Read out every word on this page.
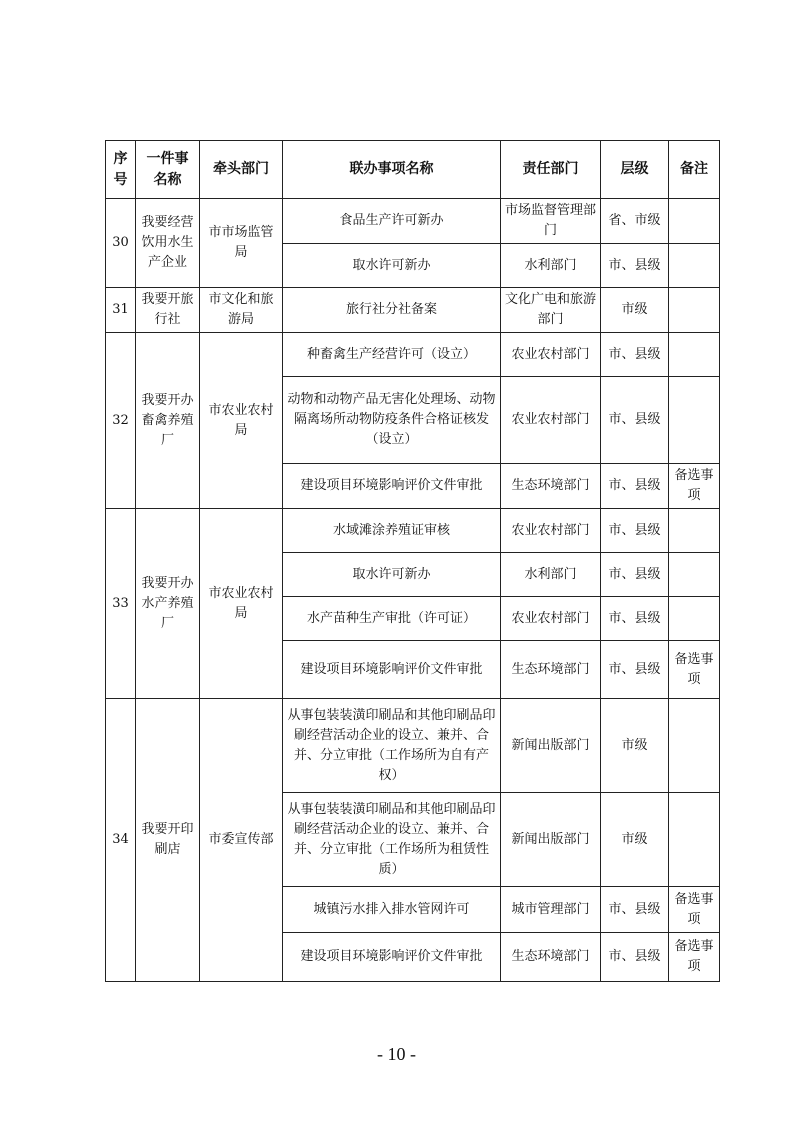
序号	一件事名称	牵头部门	联办事项名称	责任部门	层级	备注
30	我要经营饮用水生产企业	市市场监管局	食品生产许可新办	市场监督管理部门	省、市级	
			取水许可新办	水利部门	市、县级	
31	我要开旅行社	市文化和旅游局	旅行社分社备案	文化广电和旅游部门	市级	
32	我要开办畜禽养殖厂	市农业农村局	种畜禽生产经营许可（设立）	农业农村部门	市、县级	
			动物和动物产品无害化处理场、动物隔离场所动物防疫条件合格证核发（设立）	农业农村部门	市、县级	
			建设项目环境影响评价文件审批	生态环境部门	市、县级	备选事项
33	我要开办水产养殖厂	市农业农村局	水域滩涂养殖证审核	农业农村部门	市、县级	
			取水许可新办	水利部门	市、县级	
			水产苗种生产审批（许可证）	农业农村部门	市、县级	
			建设项目环境影响评价文件审批	生态环境部门	市、县级	备选事项
34	我要开印刷店	市委宣传部	从事包装装潢印刷品和其他印刷品印刷经营活动企业的设立、兼并、合并、分立审批（工作场所为自有产权）	新闻出版部门	市级	
			从事包装装潢印刷品和其他印刷品印刷经营活动企业的设立、兼并、合并、分立审批（工作场所为租赁性质）	新闻出版部门	市级	
			城镇污水排入排水管网许可	城市管理部门	市、县级	备选事项
			建设项目环境影响评价文件审批	生态环境部门	市、县级	备选事项
- 10 -
